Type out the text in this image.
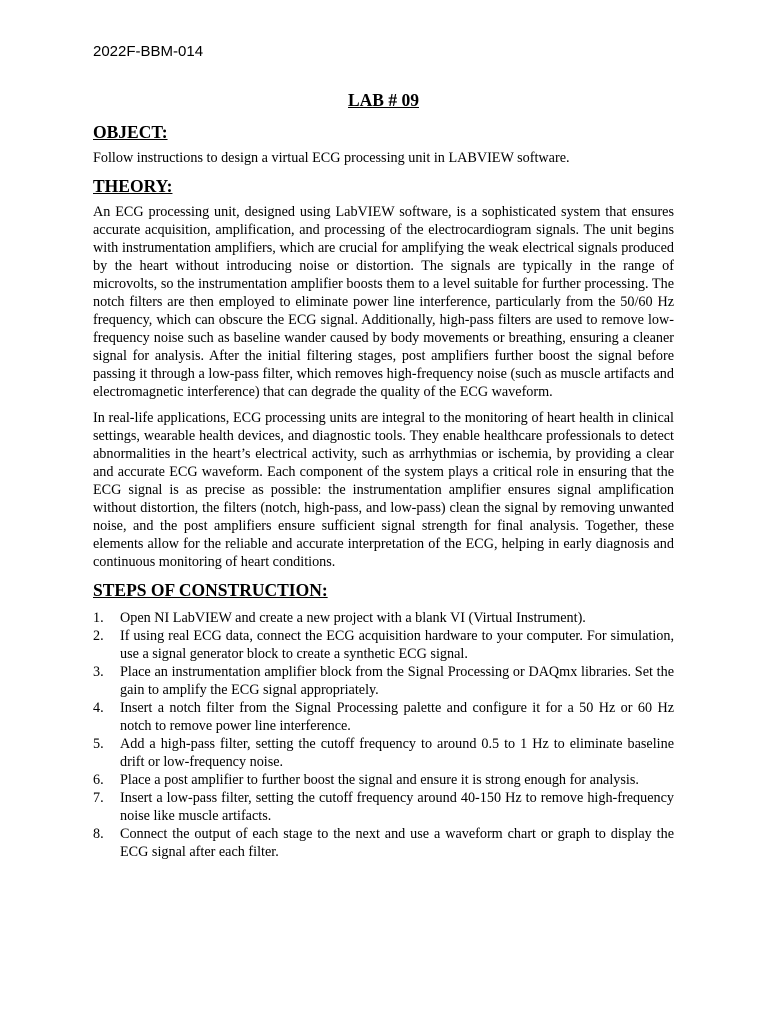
2022F-BBM-014
LAB # 09
OBJECT:

Follow instructions to design a virtual ECG processing unit in LABVIEW software.

THEORY:

An ECG processing unit, designed using LabVIEW software, is a sophisticated system that ensures accurate acquisition, amplification, and processing of the electrocardiogram signals. The unit begins with instrumentation amplifiers, which are crucial for amplifying the weak electrical signals produced by the heart without introducing noise or distortion. The signals are typically in the range of microvolts, so the instrumentation amplifier boosts them to a level suitable for further processing. The notch filters are then employed to eliminate power line interference, particularly from the 50/60 Hz frequency, which can obscure the ECG signal. Additionally, high-pass filters are used to remove low-frequency noise such as baseline wander caused by body movements or breathing, ensuring a cleaner signal for analysis. After the initial filtering stages, post amplifiers further boost the signal before passing it through a low-pass filter, which removes high-frequency noise (such as muscle artifacts and electromagnetic interference) that can degrade the quality of the ECG waveform.

In real-life applications, ECG processing units are integral to the monitoring of heart health in clinical settings, wearable health devices, and diagnostic tools. They enable healthcare professionals to detect abnormalities in the heart’s electrical activity, such as arrhythmias or ischemia, by providing a clear and accurate ECG waveform. Each component of the system plays a critical role in ensuring that the ECG signal is as precise as possible: the instrumentation amplifier ensures signal amplification without distortion, the filters (notch, high-pass, and low-pass) clean the signal by removing unwanted noise, and the post amplifiers ensure sufficient signal strength for final analysis. Together, these elements allow for the reliable and accurate interpretation of the ECG, helping in early diagnosis and continuous monitoring of heart conditions.

STEPS OF CONSTRUCTION:
1.	Open NI LabVIEW and create a new project with a blank VI (Virtual Instrument).
2.	If using real ECG data, connect the ECG acquisition hardware to your computer. For simulation, use a signal generator block to create a synthetic ECG signal.
3.	Place an instrumentation amplifier block from the Signal Processing or DAQmx libraries. Set the gain to amplify the ECG signal appropriately.
4.	Insert a notch filter from the Signal Processing palette and configure it for a 50 Hz or 60 Hz notch to remove power line interference.
5.	Add a high-pass filter, setting the cutoff frequency to around 0.5 to 1 Hz to eliminate baseline drift or low-frequency noise.
6.	Place a post amplifier to further boost the signal and ensure it is strong enough for analysis.
7.	Insert a low-pass filter, setting the cutoff frequency around 40-150 Hz to remove high-frequency noise like muscle artifacts.
8.	Connect the output of each stage to the next and use a waveform chart or graph to display the ECG signal after each filter.
